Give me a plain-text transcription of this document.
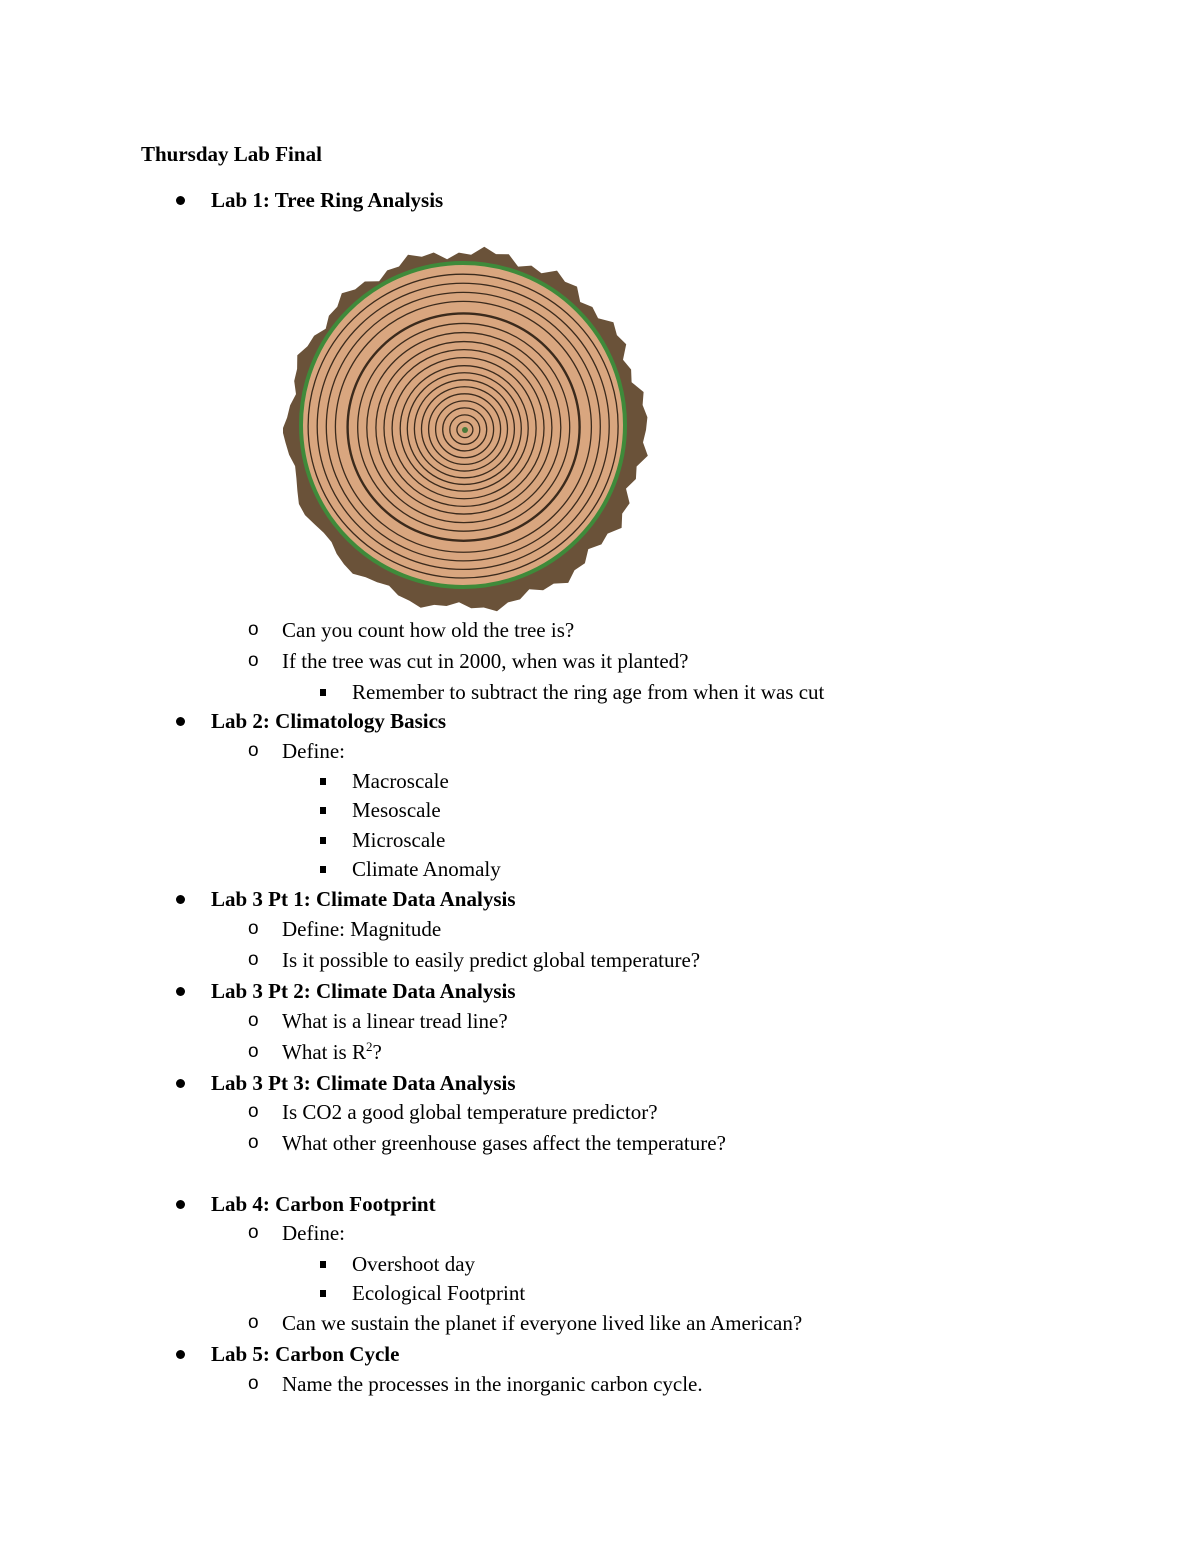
Thursday Lab Final
Lab 1: Tree Ring Analysis
o Can you count how old the tree is?
o If the tree was cut in 2000, when was it planted?
Remember to subtract the ring age from when it was cut
Lab 2: Climatology Basics
o Define:
Macroscale
Mesoscale
Microscale
Climate Anomaly
Lab 3 Pt 1: Climate Data Analysis
o Define: Magnitude
o Is it possible to easily predict global temperature?
Lab 3 Pt 2: Climate Data Analysis
o What is a linear tread line?
o What is $R^2$?
Lab 3 Pt 3: Climate Data Analysis
o Is CO2 a good global temperature predictor?
o What other greenhouse gases affect the temperature?
Lab 4: Carbon Footprint
o Define:
Overshoot day
Ecological Footprint
o Can we sustain the planet if everyone lived like an American?
Lab 5: Carbon Cycle
o Name the processes in the inorganic carbon cycle.
